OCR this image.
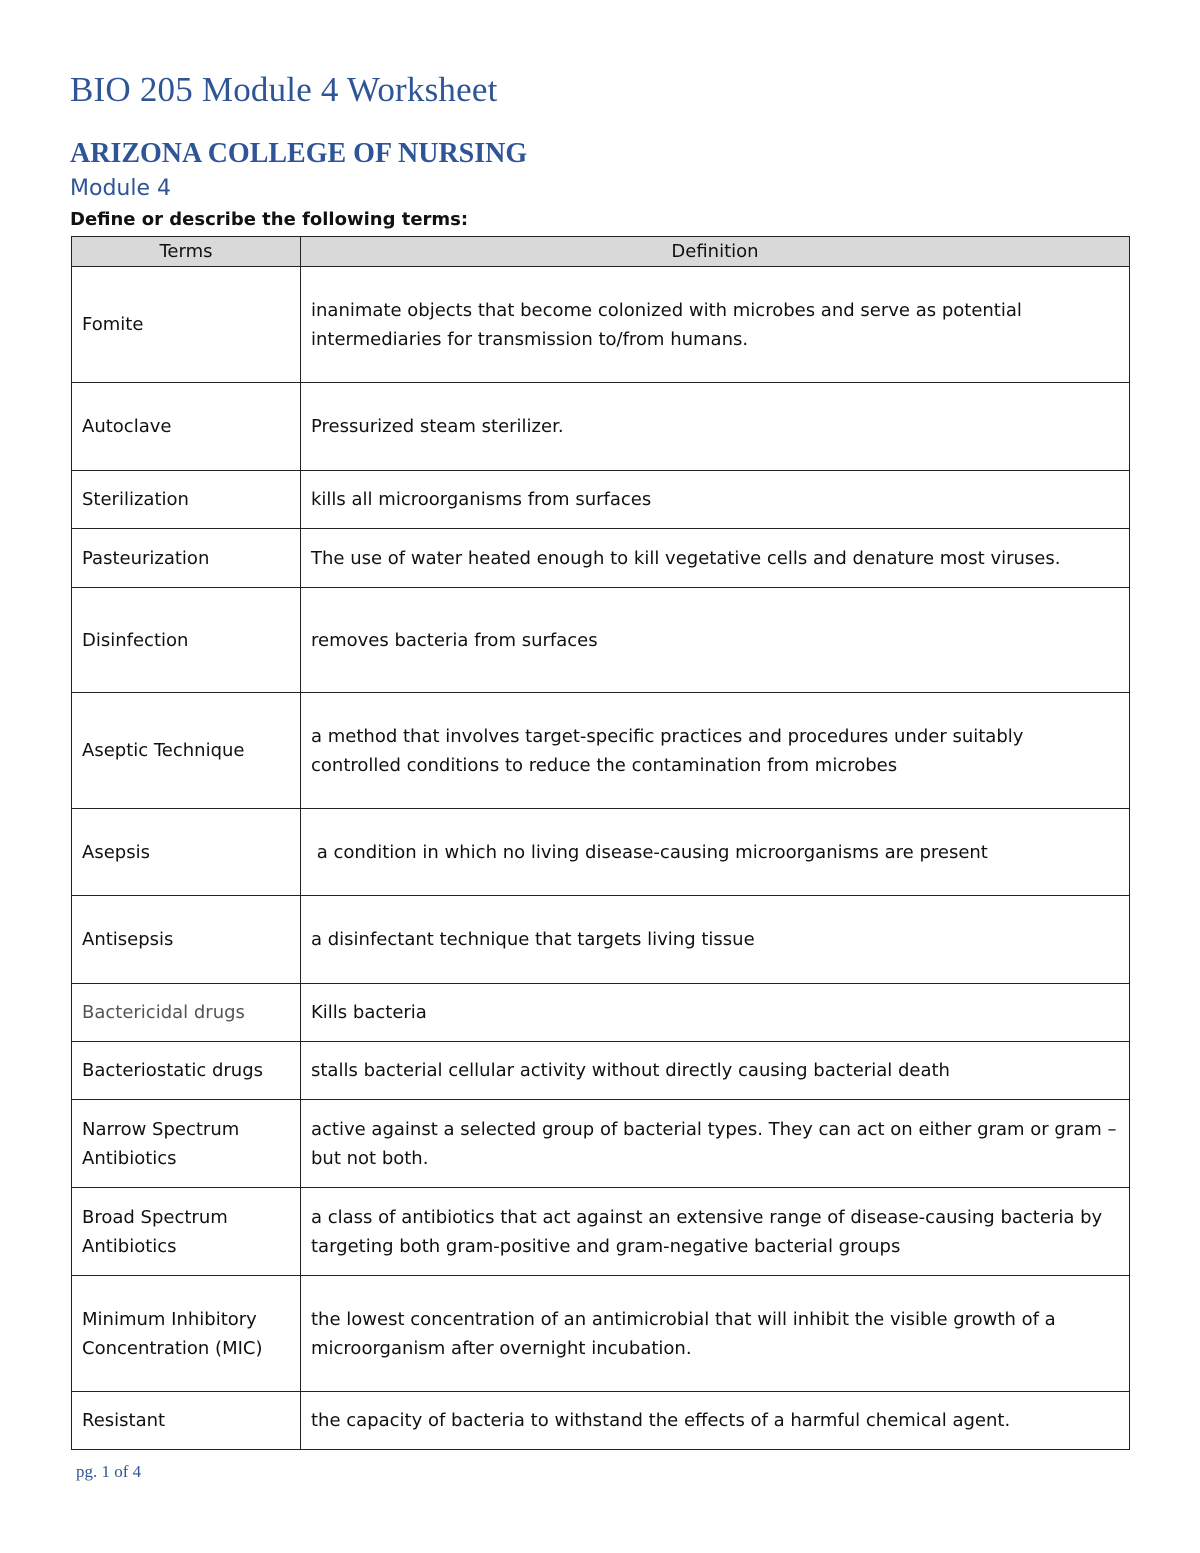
BIO 205 Module 4 Worksheet
ARIZONA COLLEGE OF NURSING
Module 4

Define or describe the following terms:

Terms	Definition
Fomite	inanimate objects that become colonized with microbes and serve as potential intermediaries for transmission to/from humans.
Autoclave	Pressurized steam sterilizer.
Sterilization	kills all microorganisms from surfaces
Pasteurization	The use of water heated enough to kill vegetative cells and denature most viruses.
Disinfection	removes bacteria from surfaces
Aseptic Technique	a method that involves target-specific practices and procedures under suitably controlled conditions to reduce the contamination from microbes
Asepsis	a condition in which no living disease-causing microorganisms are present
Antisepsis	a disinfectant technique that targets living tissue
Bactericidal drugs	Kills bacteria
Bacteriostatic drugs	stalls bacterial cellular activity without directly causing bacterial death
Narrow Spectrum Antibiotics	active against a selected group of bacterial types. They can act on either gram or gram – but not both.
Broad Spectrum Antibiotics	a class of antibiotics that act against an extensive range of disease-causing bacteria by targeting both gram-positive and gram-negative bacterial groups
Minimum Inhibitory Concentration (MIC)	the lowest concentration of an antimicrobial that will inhibit the visible growth of a microorganism after overnight incubation.
Resistant	the capacity of bacteria to withstand the effects of a harmful chemical agent.
pg. 1 of 4
